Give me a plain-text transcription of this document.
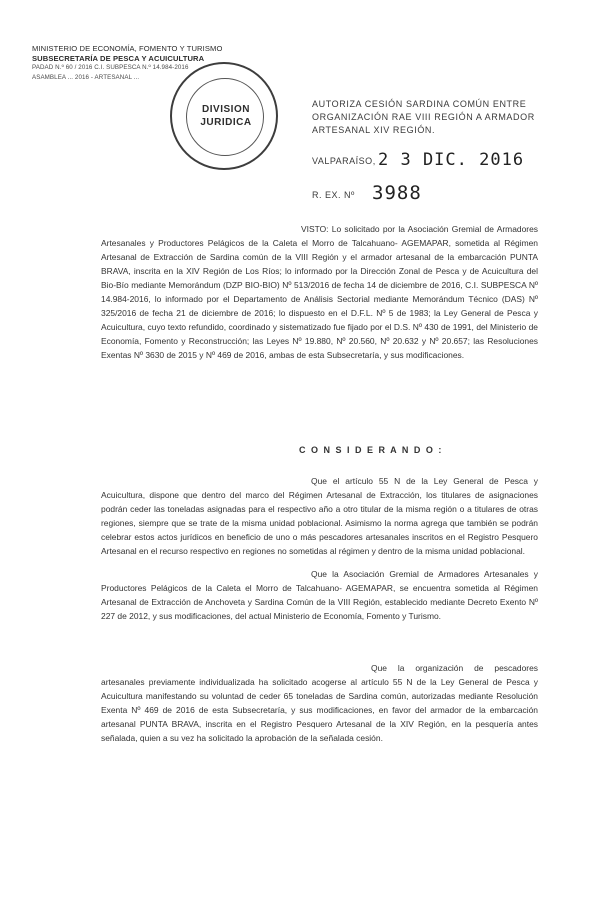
MINISTERIO DE ECONOMÍA, FOMENTO Y TURISMO
SUBSECRETARÍA DE PESCA Y ACUICULTURA
PADAD N.º 60 / 2016 C.I. SUBPESCA N.º 14.984-2016
ASAMBLEA ... 2016 - ARTESANAL ...
DIVISION
JURIDICA
AUTORIZA CESIÓN SARDINA COMÚN ENTRE ORGANIZACIÓN RAE VIII REGIÓN A ARMADOR ARTESANAL XIV REGIÓN.
VALPARAÍSO, 2 3 DIC. 2016
R. EX. Nº 3988
VISTO: Lo solicitado por la Asociación Gremial de Armadores Artesanales y Productores Pelágicos de la Caleta el Morro de Talcahuano- AGEMAPAR, sometida al Régimen Artesanal de Extracción de Sardina común de la VIII Región y el armador artesanal de la embarcación PUNTA BRAVA, inscrita en la XIV Región de Los Ríos; lo informado por la Dirección Zonal de Pesca y de Acuicultura del Bio-Bío mediante Memorándum (DZP BIO-BIO) Nº 513/2016 de fecha 14 de diciembre de 2016, C.I. SUBPESCA Nº 14.984-2016, lo informado por el Departamento de Análisis Sectorial mediante Memorándum Técnico (DAS) Nº 325/2016 de fecha 21 de diciembre de 2016; lo dispuesto en el D.F.L. Nº 5 de 1983; la Ley General de Pesca y Acuicultura, cuyo texto refundido, coordinado y sistematizado fue fijado por el D.S. Nº 430 de 1991, del Ministerio de Economía, Fomento y Reconstrucción; las Leyes Nº 19.880, Nº 20.560, Nº 20.632 y Nº 20.657; las Resoluciones Exentas Nº 3630 de 2015 y Nº 469 de 2016, ambas de esta Subsecretaría, y sus modificaciones.
C O N S I D E R A N D O :
Que el artículo 55 N de la Ley General de Pesca y Acuicultura, dispone que dentro del marco del Régimen Artesanal de Extracción, los titulares de asignaciones podrán ceder las toneladas asignadas para el respectivo año a otro titular de la misma región o a titulares de otras regiones, siempre que se trate de la misma unidad poblacional. Asimismo la norma agrega que también se podrán celebrar estos actos jurídicos en beneficio de uno o más pescadores artesanales inscritos en el Registro Pesquero Artesanal en el recurso respectivo en regiones no sometidas al régimen y dentro de la misma unidad poblacional.
Que la Asociación Gremial de Armadores Artesanales y Productores Pelágicos de la Caleta el Morro de Talcahuano- AGEMAPAR, se encuentra sometida al Régimen Artesanal de Extracción de Anchoveta y Sardina Común de la VIII Región, establecido mediante Decreto Exento Nº 227 de 2012, y sus modificaciones, del actual Ministerio de Economía, Fomento y Turismo.
Que la organización de pescadores artesanales previamente individualizada ha solicitado acogerse al artículo 55 N de la Ley General de Pesca y Acuicultura manifestando su voluntad de ceder 65 toneladas de Sardina común, autorizadas mediante Resolución Exenta Nº 469 de 2016 de esta Subsecretaría, y sus modificaciones, en favor del armador de la embarcación artesanal PUNTA BRAVA, inscrita en el Registro Pesquero Artesanal de la XIV Región, en la pesquería antes señalada, quien a su vez ha solicitado la aprobación de la señalada cesión.
